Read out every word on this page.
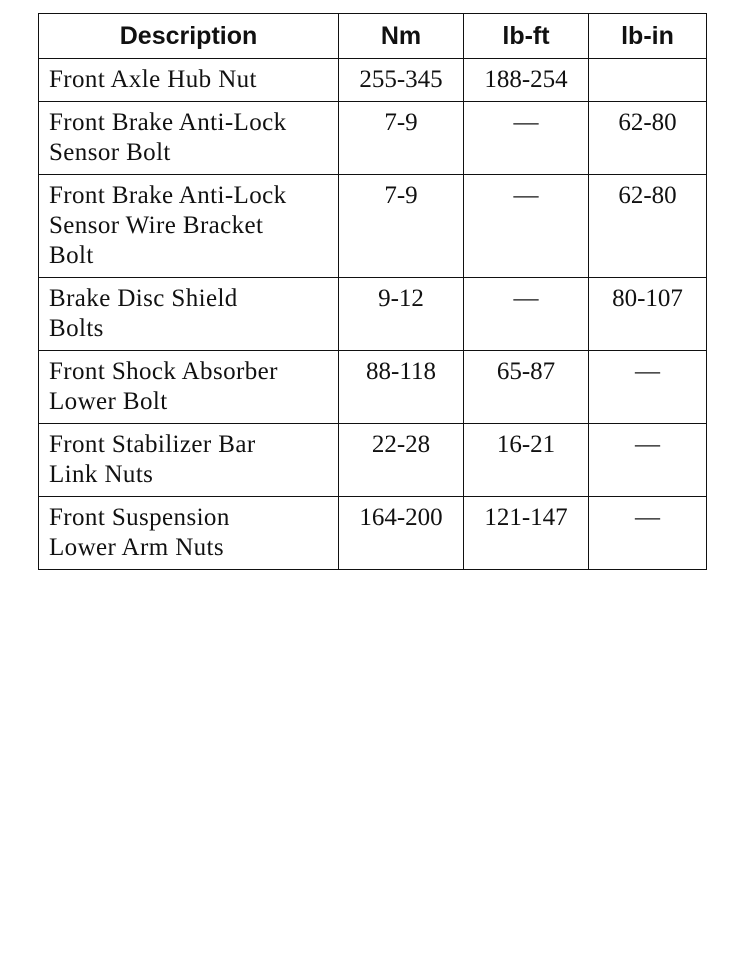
Description	Nm	lb-ft	lb-in

Front Axle Hub Nut	255-345	188-254	

Front Brake Anti-Lock
Sensor Bolt	7-9	—	62-80

Front Brake Anti-Lock
Sensor Wire Bracket
Bolt	7-9	—	62-80

Brake Disc Shield
Bolts	9-12	—	80-107

Front Shock Absorber
Lower Bolt	88-118	65-87	—

Front Stabilizer Bar
Link Nuts	22-28	16-21	—

Front Suspension
Lower Arm Nuts	164-200	121-147	—
